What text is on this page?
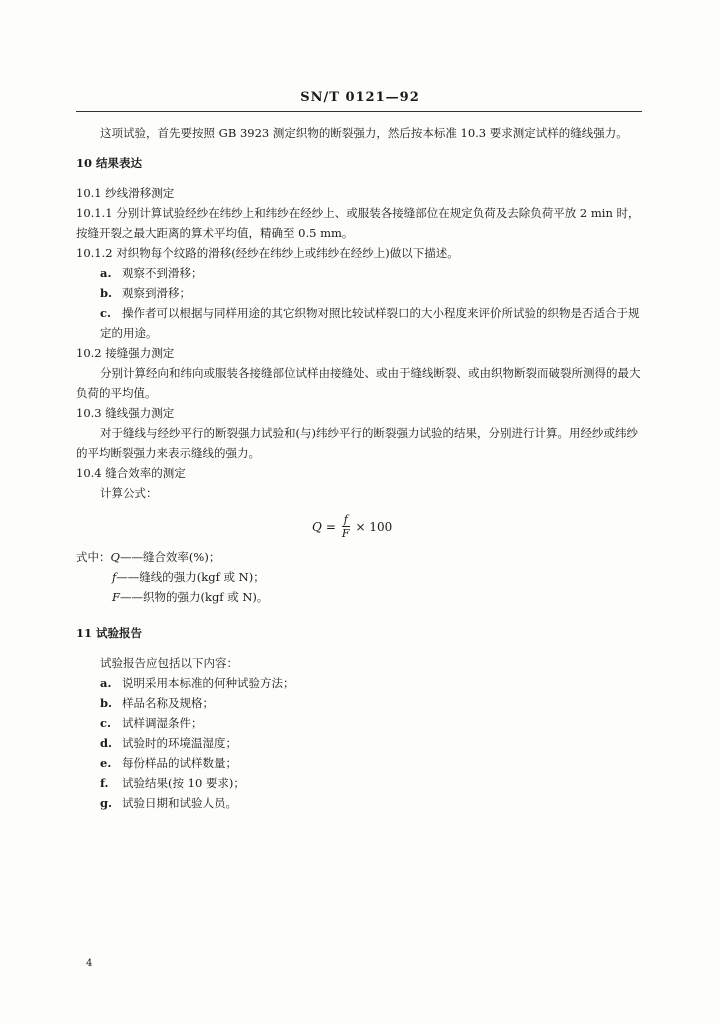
SN/T 0121—92

这项试验，首先要按照 GB 3923 测定织物的断裂强力，然后按本标准 10.3 要求测定试样的缝线强力。

10 结果表达

10.1 纱线滑移测定

10.1.1 分别计算试验经纱在纬纱上和纬纱在经纱上、或服装各接缝部位在规定负荷及去除负荷平放 2 min 时，按缝开裂之最大距离的算术平均值，精确至 0.5 mm。

10.1.2 对织物每个纹路的滑移(经纱在纬纱上或纬纱在经纱上)做以下描述。

a. 观察不到滑移；

b. 观察到滑移；

c. 操作者可以根据与同样用途的其它织物对照比较试样裂口的大小程度来评价所试验的织物是否适合于规定的用途。

10.2 接缝强力测定

分别计算经向和纬向或服装各接缝部位试样由接缝处、或由于缝线断裂、或由织物断裂而破裂所测得的最大负荷的平均值。

10.3 缝线强力测定

对于缝线与经纱平行的断裂强力试验和(与)纬纱平行的断裂强力试验的结果，分别进行计算。用经纱或纬纱的平均断裂强力来表示缝线的强力。

10.4 缝合效率的测定

计算公式：

$Q = \frac{f}{F} \times 100$

式中：Q——缝合效率(%)；

f——缝线的强力(kgf 或 N)；

F——织物的强力(kgf 或 N)。

11 试验报告

试验报告应包括以下内容：

a. 说明采用本标准的何种试验方法；

b. 样品名称及规格；

c. 试样调湿条件；

d. 试验时的环境温湿度；

e. 每份样品的试样数量；

f. 试验结果(按 10 要求)；

g. 试验日期和试验人员。

4
